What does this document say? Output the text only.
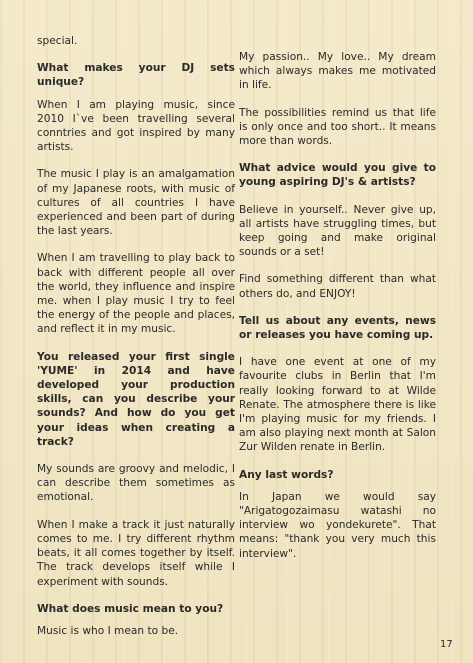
special.

What makes your DJ sets unique?

When I am playing music, since 2010 I`ve been travelling several conntries and got inspired by many artists.

The music I play is an amalgamation of my Japanese roots, with music of cultures of all countries I have experienced and been part of during the last years.

When I am travelling to play back to back with different people all over the world, they influence and inspire me. when I play music I try to feel the energy of the people and places, and reflect it in my music.

You released your first single 'YUME' in 2014 and have developed your production skills, can you describe your sounds? And how do you get your ideas when creating a track?

My sounds are groovy and melodic, I can describe them sometimes as emotional.

When I make a track it just naturally comes to me. I try different rhythm beats, it all comes together by itself. The track develops itself while I experiment with sounds.

What does music mean to you?

Music is who I mean to be.

My passion.. My love.. My dream which always makes me motivated in life.

The possibilities remind us that life is only once and too short.. It means more than words.

What advice would you give to young aspiring DJ's & artists?

Believe in yourself.. Never give up, all artists have struggling times, but keep going and make original sounds or a set!

Find something different than what others do, and ENJOY!

Tell us about any events, news or releases you have coming up.

I have one event at one of my favourite clubs in Berlin that I'm really looking forward to at Wilde Renate. The atmosphere there is like I'm playing music for my friends. I am also playing next month at Salon Zur Wilden renate in Berlin.

Any last words?

In Japan we would say "Arigatogozaimasu watashi no interview wo yondekurete". That means: "thank you very much this interview".

17
